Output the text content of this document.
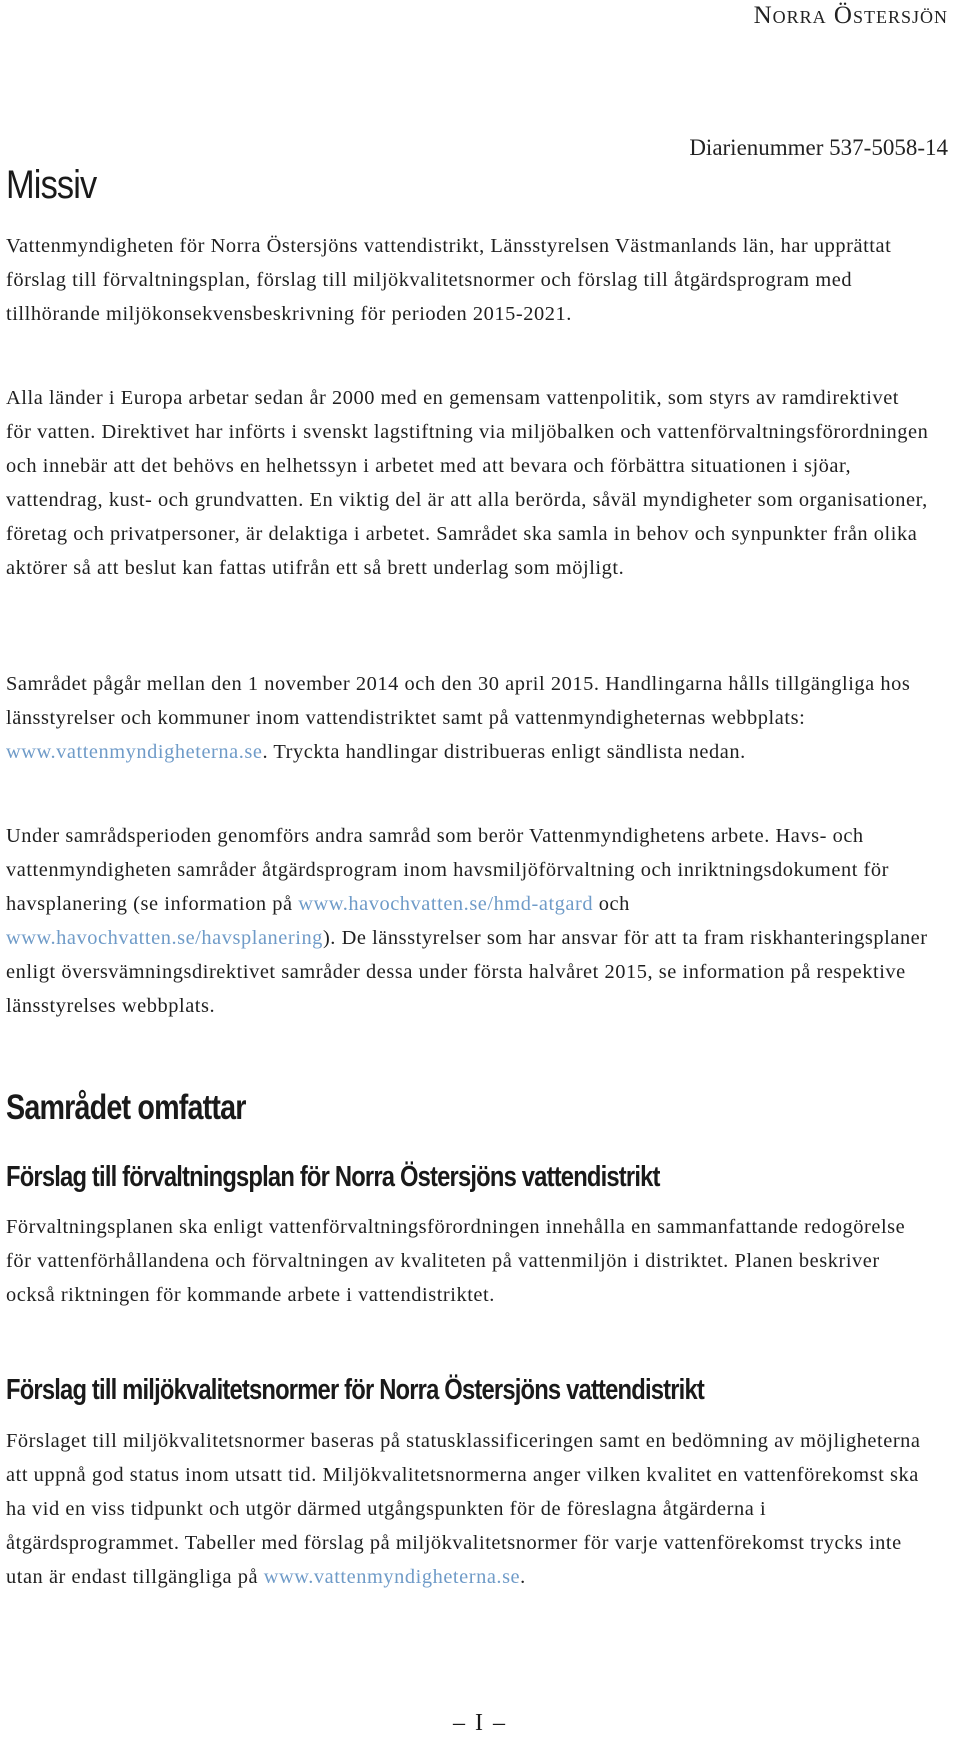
Norra Östersjön
Diarienummer 537-5058-14
Missiv

Vattenmyndigheten för Norra Östersjöns vattendistrikt, Länsstyrelsen Västmanlands län, har upprättat förslag till förvaltningsplan, förslag till miljökvalitetsnormer och förslag till åtgärdsprogram med tillhörande miljökonsekvensbeskrivning för perioden 2015-2021.

Alla länder i Europa arbetar sedan år 2000 med en gemensam vattenpolitik, som styrs av ramdirektivet för vatten. Direktivet har införts i svenskt lagstiftning via miljöbalken och vattenförvaltningsförordningen och innebär att det behövs en helhetssyn i arbetet med att bevara och förbättra situationen i sjöar, vattendrag, kust- och grundvatten. En viktig del är att alla berörda, såväl myndigheter som organisationer, företag och privatpersoner, är delaktiga i arbetet. Samrådet ska samla in behov och synpunkter från olika aktörer så att beslut kan fattas utifrån ett så brett underlag som möjligt.

Samrådet pågår mellan den 1 november 2014 och den 30 april 2015. Handlingarna hålls tillgängliga hos länsstyrelser och kommuner inom vattendistriktet samt på vattenmyndigheternas webbplats: www.vattenmyndigheterna.se. Tryckta handlingar distribueras enligt sändlista nedan.

Under samrådsperioden genomförs andra samråd som berör Vattenmyndighetens arbete. Havs- och vattenmyndigheten samråder åtgärdsprogram inom havsmiljöförvaltning och inriktningsdokument för havsplanering (se information på www.havochvatten.se/hmd-atgard och www.havochvatten.se/havsplanering). De länsstyrelser som har ansvar för att ta fram riskhanteringsplaner enligt översvämningsdirektivet samråder dessa under första halvåret 2015, se information på respektive länsstyrelses webbplats.

Samrådet omfattar
Förslag till förvaltningsplan för Norra Östersjöns vattendistrikt

Förvaltningsplanen ska enligt vattenförvaltningsförordningen innehålla en sammanfattande redogörelse för vattenförhållandena och förvaltningen av kvaliteten på vattenmiljön i distriktet. Planen beskriver också riktningen för kommande arbete i vattendistriktet.

Förslag till miljökvalitetsnormer för Norra Östersjöns vattendistrikt

Förslaget till miljökvalitetsnormer baseras på statusklassificeringen samt en bedömning av möjligheterna att uppnå god status inom utsatt tid. Miljökvalitetsnormerna anger vilken kvalitet en vattenförekomst ska ha vid en viss tidpunkt och utgör därmed utgångspunkten för de föreslagna åtgärderna i åtgärdsprogrammet. Tabeller med förslag på miljökvalitetsnormer för varje vattenförekomst trycks inte utan är endast tillgängliga på www.vattenmyndigheterna.se.

– I –
